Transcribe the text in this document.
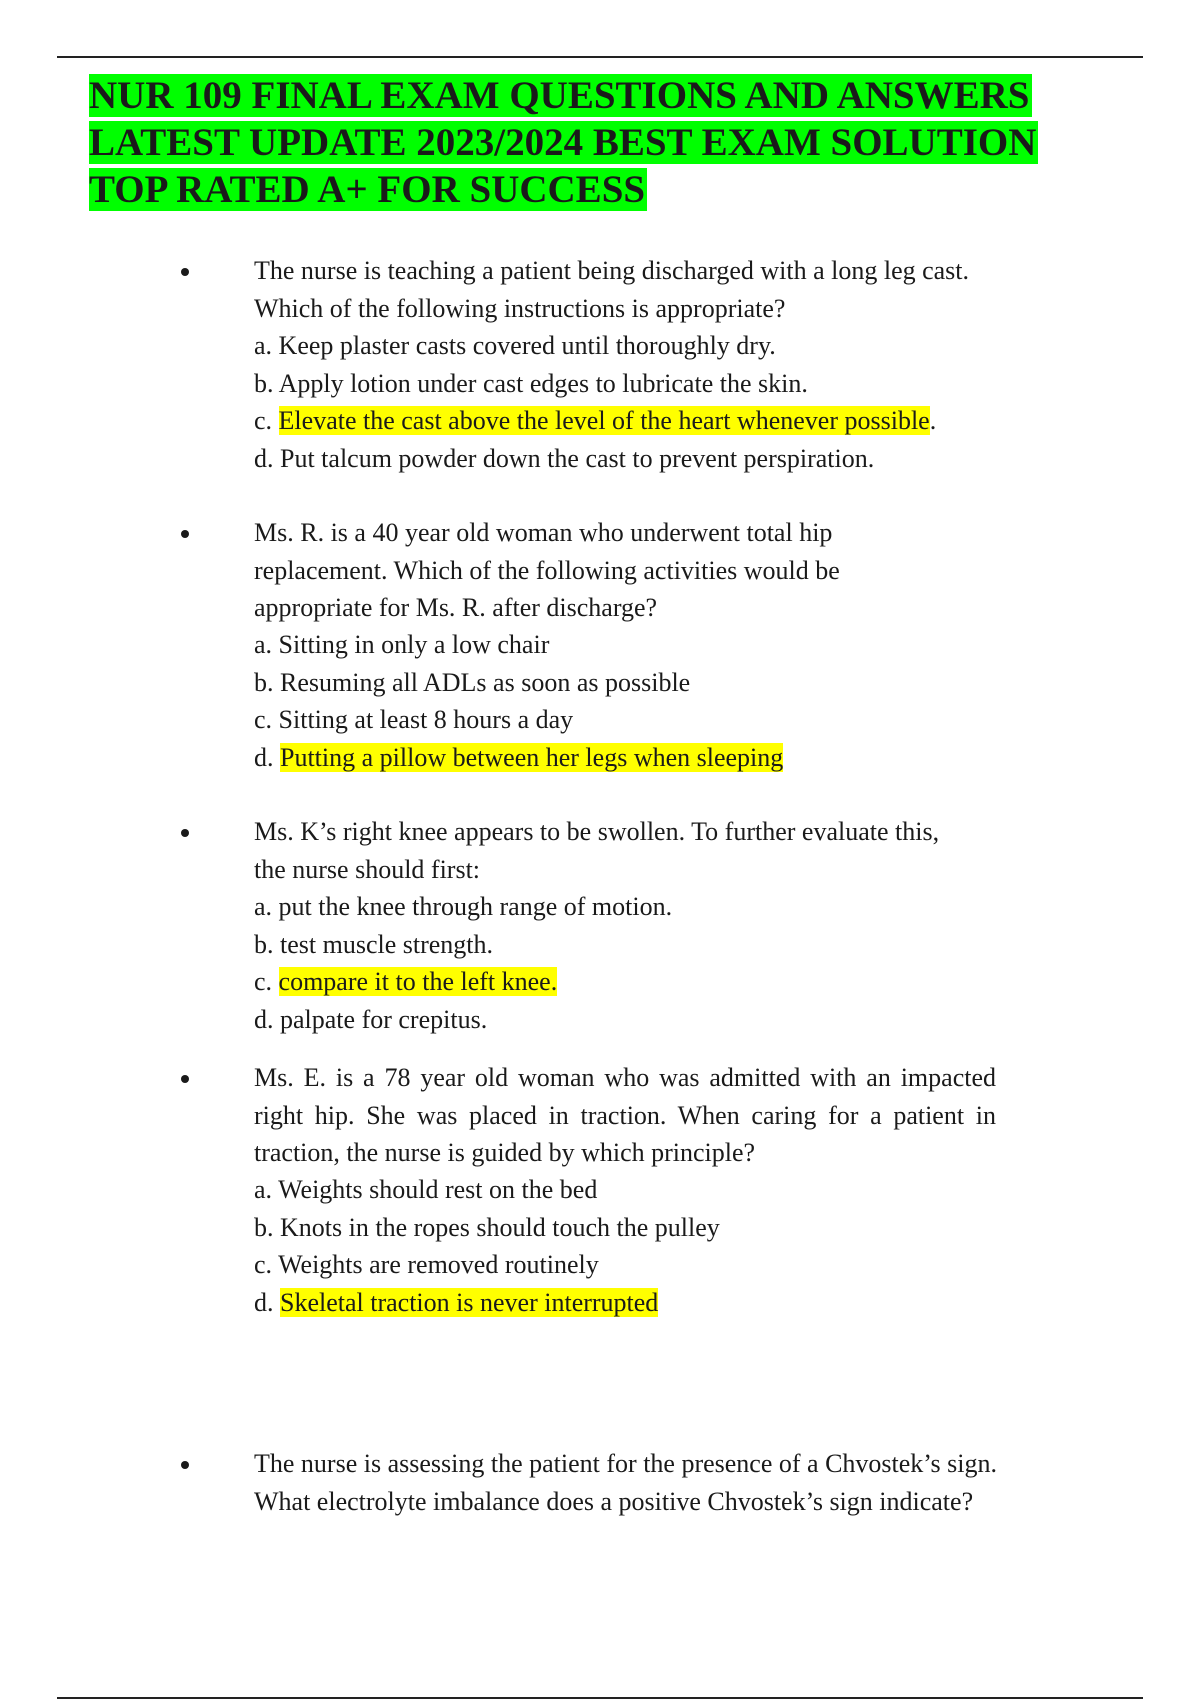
NUR 109 FINAL EXAM QUESTIONS AND ANSWERS
LATEST UPDATE 2023/2024 BEST EXAM SOLUTION
TOP RATED A+ FOR SUCCESS

The nurse is teaching a patient being discharged with a long leg cast. Which of the following instructions is appropriate?

a. Keep plaster casts covered until thoroughly dry.
b. Apply lotion under cast edges to lubricate the skin.
c. Elevate the cast above the level of the heart whenever possible.
d. Put talcum powder down the cast to prevent perspiration.

Ms. R. is a 40 year old woman who underwent total hip replacement. Which of the following activities would be appropriate for Ms. R. after discharge?

a. Sitting in only a low chair
b. Resuming all ADLs as soon as possible
c. Sitting at least 8 hours a day
d. Putting a pillow between her legs when sleeping

Ms. K’s right knee appears to be swollen. To further evaluate this, the nurse should first:

a. put the knee through range of motion.
b. test muscle strength.
c. compare it to the left knee.
d. palpate for crepitus.

Ms. E. is a 78 year old woman who was admitted with an impacted right hip. She was placed in traction. When caring for a patient in traction, the nurse is guided by which principle?

a. Weights should rest on the bed
b. Knots in the ropes should touch the pulley
c. Weights are removed routinely
d. Skeletal traction is never interrupted

The nurse is assessing the patient for the presence of a Chvostek’s sign. What electrolyte imbalance does a positive Chvostek’s sign indicate?
